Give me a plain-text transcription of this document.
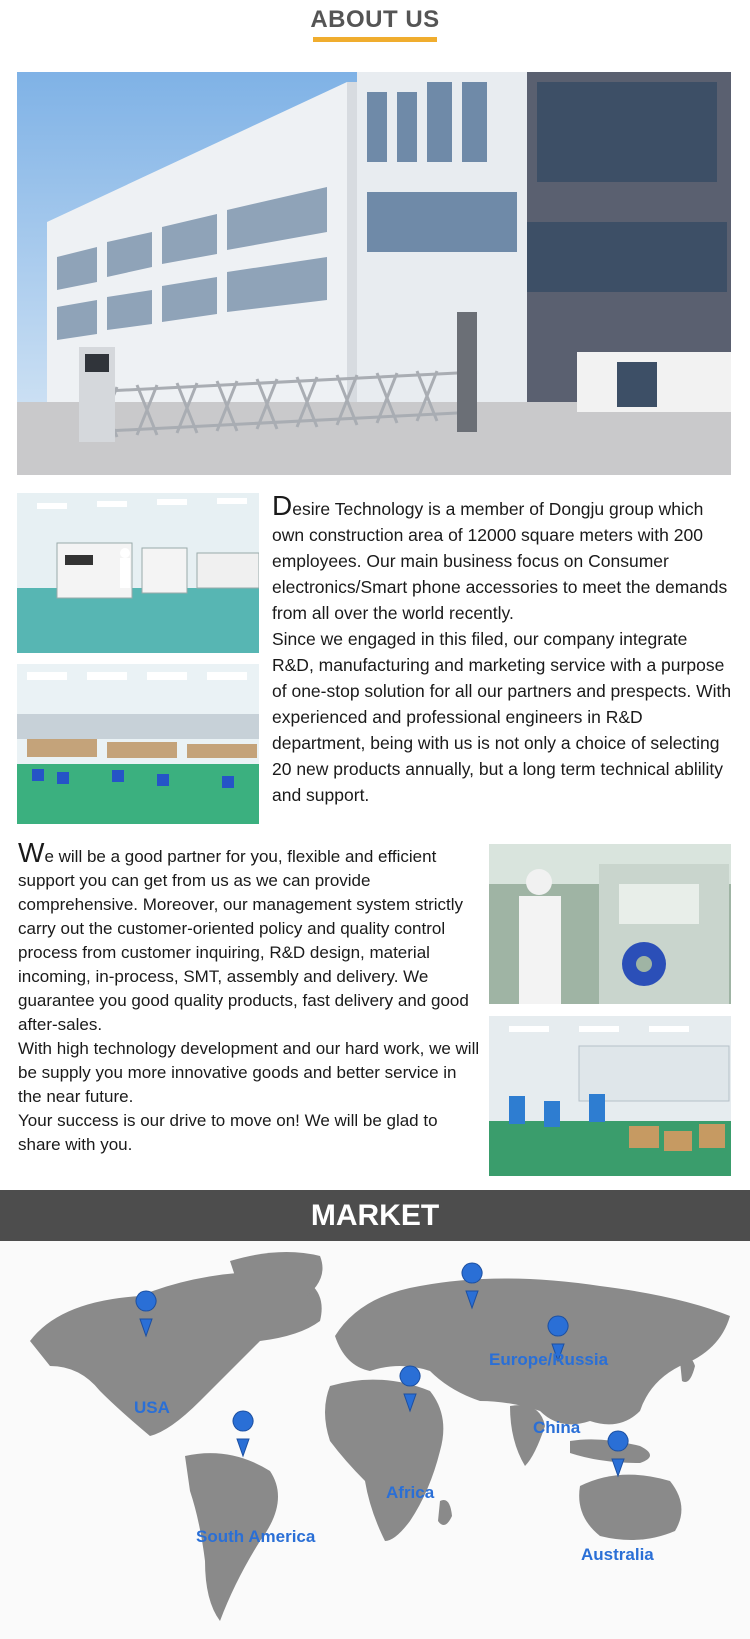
ABOUT US
Desire Technology is a member of Dongju group which own construction area of 12000 square meters with 200 employees. Our main business focus on Consumer electronics/Smart phone accessories to meet the demands from all over the world recently.
Since we engaged in this filed, our company integrate R&D, manufacturing and marketing service with a purpose of one-stop solution for all our partners and prespects. With experienced and professional engineers in R&D department, being with us is not only a choice of selecting 20 new products annually, but a long term technical ablility and support.
We will be a good partner for you, flexible and efficient support you can get from us as we can provide comprehensive. Moreover, our management system strictly carry out the customer-oriented policy and quality control process from customer inquiring, R&D design, material incoming, in-process, SMT, assembly and delivery. We guarantee you good quality products, fast delivery and good after-sales.
With high technology development and our hard work, we will be supply you more innovative goods and better service in the near future.
Your success is our drive to move on! We will be glad to share with you.
MARKET
USA
Europe/Russia
China
Africa
South America
Australia
